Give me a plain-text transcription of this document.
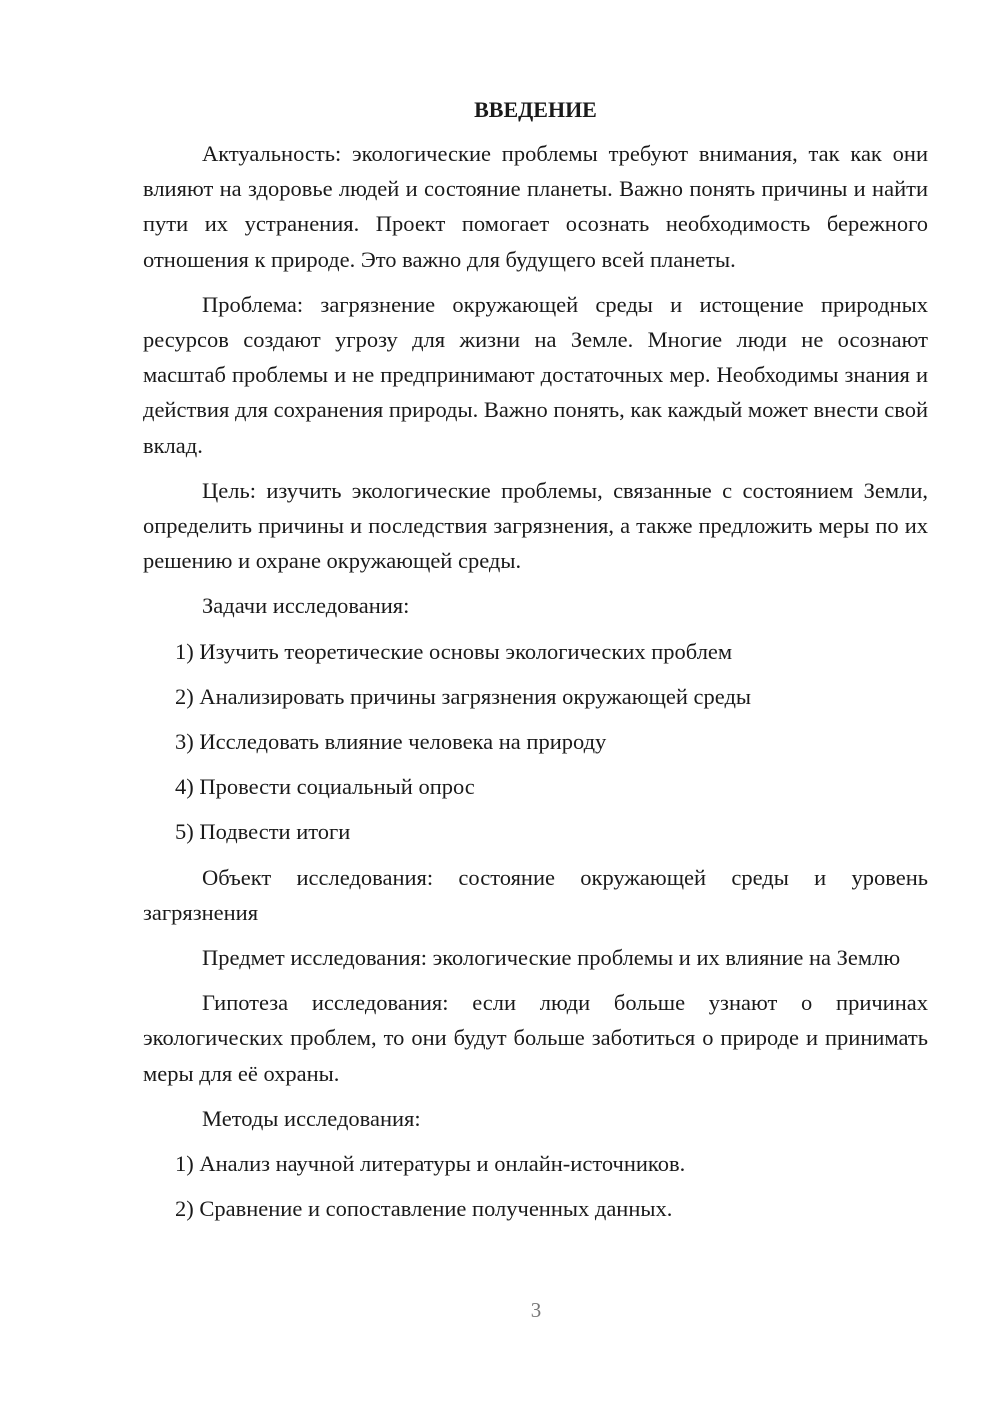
ВВЕДЕНИЕ
Актуальность: экологические проблемы требуют внимания, так как они влияют на здоровье людей и состояние планеты. Важно понять причины и найти пути их устранения. Проект помогает осознать необходимость бережного отношения к природе. Это важно для будущего всей планеты.
Проблема: загрязнение окружающей среды и истощение природных ресурсов создают угрозу для жизни на Земле. Многие люди не осознают масштаб проблемы и не предпринимают достаточных мер. Необходимы знания и действия для сохранения природы. Важно понять, как каждый может внести свой вклад.
Цель: изучить экологические проблемы, связанные с состоянием Земли, определить причины и последствия загрязнения, а также предложить меры по их решению и охране окружающей среды.
Задачи исследования:
1) Изучить теоретические основы экологических проблем
2) Анализировать причины загрязнения окружающей среды
3) Исследовать влияние человека на природу
4) Провести социальный опрос
5) Подвести итоги
Объект исследования: состояние окружающей среды и уровень загрязнения
Предмет исследования: экологические проблемы и их влияние на Землю
Гипотеза исследования: если люди больше узнают о причинах экологических проблем, то они будут больше заботиться о природе и принимать меры для её охраны.
Методы исследования:
1) Анализ научной литературы и онлайн-источников.
2) Сравнение и сопоставление полученных данных.
3
